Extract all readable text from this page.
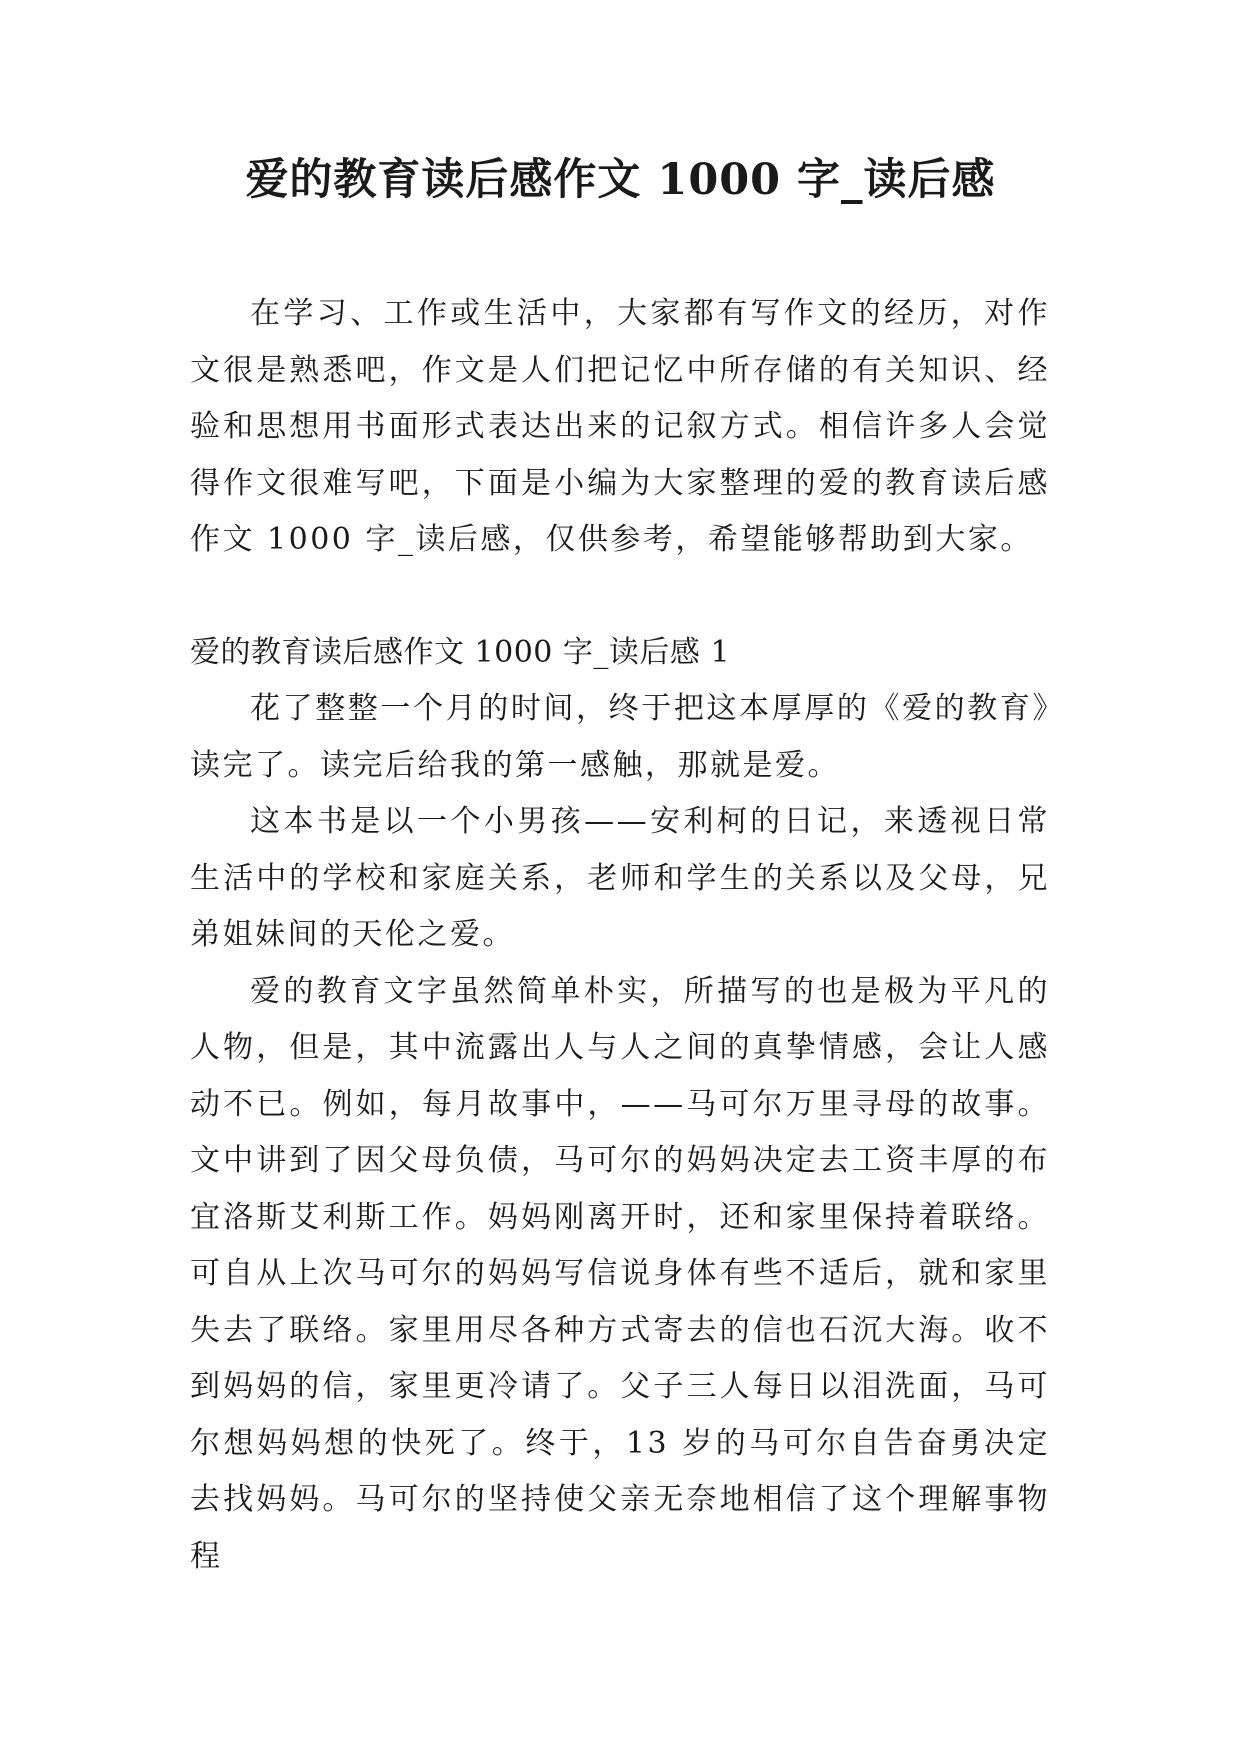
爱的教育读后感作文 1000 字_读后感

在学习、工作或生活中，大家都有写作文的经历，对作文很是熟悉吧，作文是人们把记忆中所存储的有关知识、经验和思想用书面形式表达出来的记叙方式。相信许多人会觉得作文很难写吧，下面是小编为大家整理的爱的教育读后感作文 1000 字_读后感，仅供参考，希望能够帮助到大家。

爱的教育读后感作文 1000 字_读后感 1

花了整整一个月的时间，终于把这本厚厚的《爱的教育》读完了。读完后给我的第一感触，那就是爱。

这本书是以一个小男孩——安利柯的日记，来透视日常生活中的学校和家庭关系，老师和学生的关系以及父母，兄弟姐妹间的天伦之爱。

爱的教育文字虽然简单朴实，所描写的也是极为平凡的人物，但是，其中流露出人与人之间的真挚情感，会让人感动不已。例如，每月故事中，——马可尔万里寻母的故事。文中讲到了因父母负债，马可尔的妈妈决定去工资丰厚的布宜洛斯艾利斯工作。妈妈刚离开时，还和家里保持着联络。可自从上次马可尔的妈妈写信说身体有些不适后，就和家里失去了联络。家里用尽各种方式寄去的信也石沉大海。收不到妈妈的信，家里更冷请了。父子三人每日以泪洗面，马可尔想妈妈想的快死了。终于，13 岁的马可尔自告奋勇决定去找妈妈。马可尔的坚持使父亲无奈地相信了这个理解事物程
